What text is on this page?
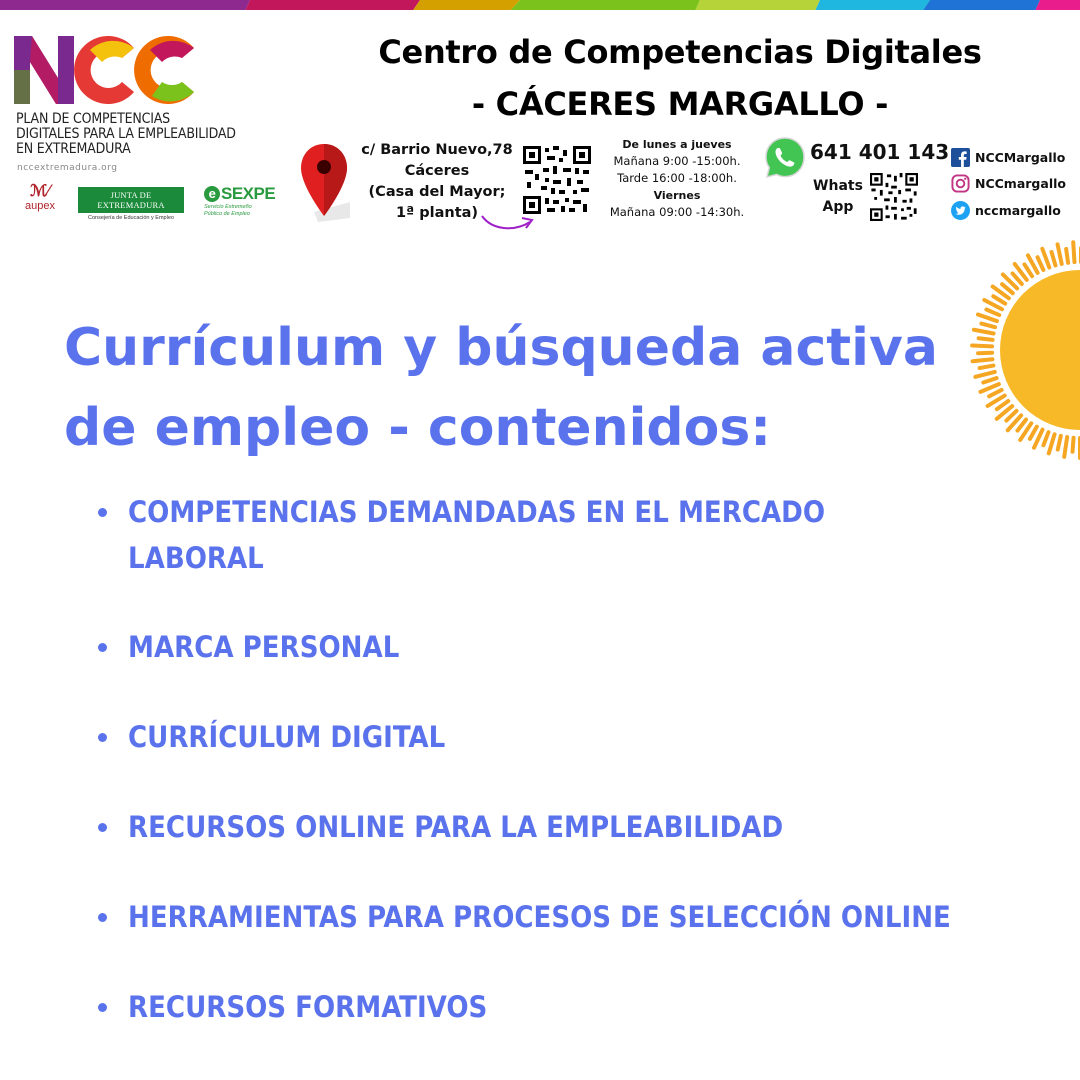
PLAN DE COMPETENCIAS
DIGITALES PARA LA EMPLEABILIDAD
EN EXTREMADURA
nccextremadura.org
ℳ⁄
aupex
JUNTA DE EXTREMADURA
Consejería de Educación y Empleo
e SEXPE
Servicio Extremeño
Público de Empleo
Centro de Competencias Digitales
- CÁCERES MARGALLO -
c/ Barrio Nuevo,78
Cáceres
(Casa del Mayor;
1ª planta)
De lunes a jueves
Mañana 9:00 -15:00h.
Tarde 16:00 -18:00h.
Viernes
Mañana 09:00 -14:30h.
641 401 143
Whats
App
NCCMargallo
NCCmargallo
nccmargallo
Currículum y búsqueda activa
de empleo - contenidos:
COMPETENCIAS DEMANDADAS EN EL MERCADO
LABORAL
MARCA PERSONAL
CURRÍCULUM DIGITAL
RECURSOS ONLINE PARA LA EMPLEABILIDAD
HERRAMIENTAS PARA PROCESOS DE SELECCIÓN ONLINE
RECURSOS FORMATIVOS
